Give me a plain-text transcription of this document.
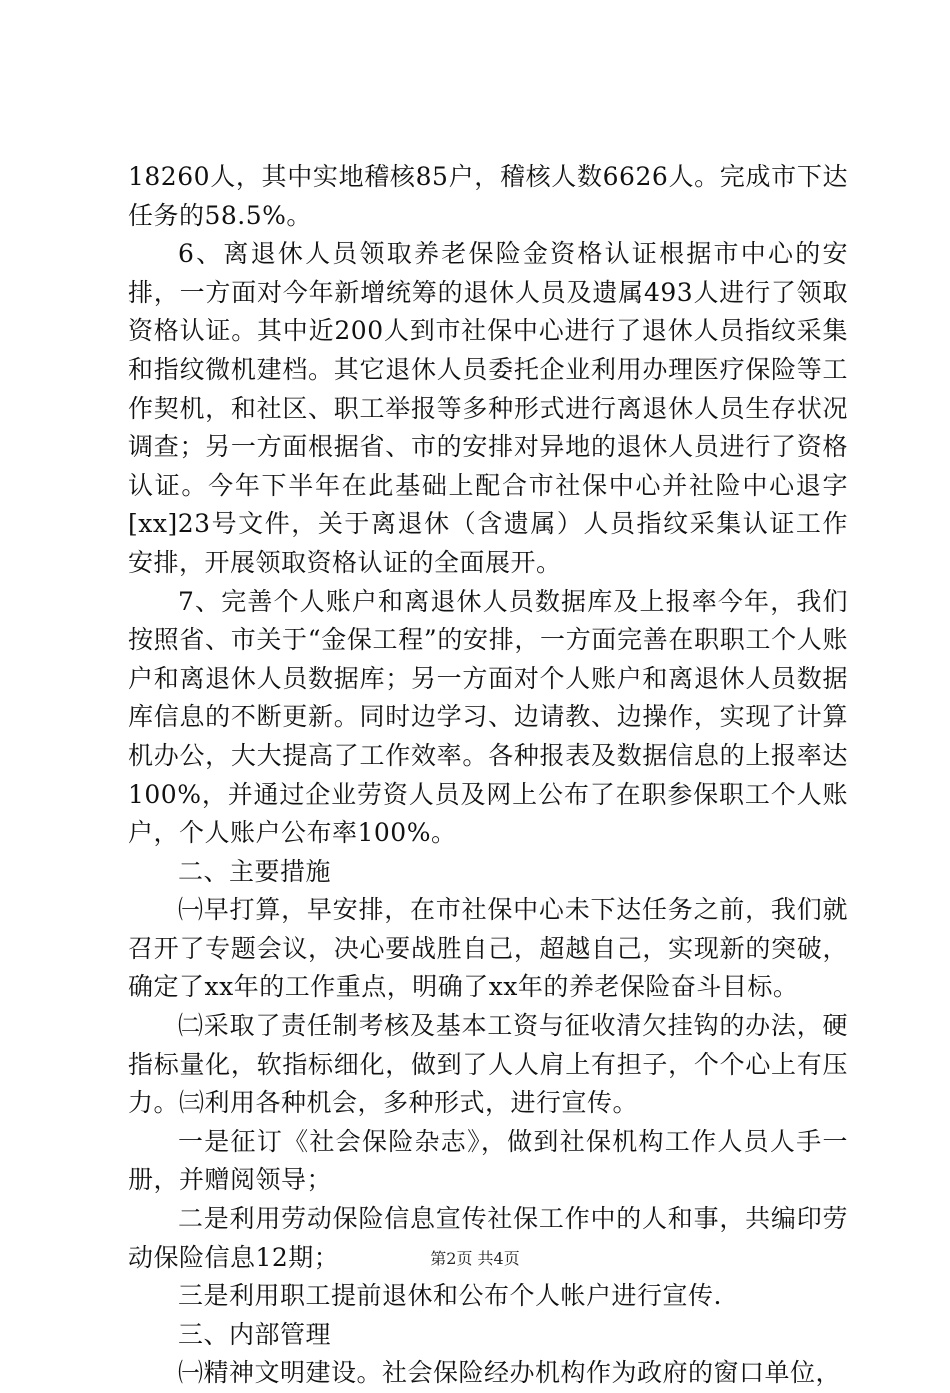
18260人，其中实地稽核85户，稽核人数6626人。完成市下达任务的58.5%。

6、离退休人员领取养老保险金资格认证根据市中心的安排，一方面对今年新增统筹的退休人员及遗属493人进行了领取资格认证。其中近200人到市社保中心进行了退休人员指纹采集和指纹微机建档。其它退休人员委托企业利用办理医疗保险等工作契机，和社区、职工举报等多种形式进行离退休人员生存状况调查；另一方面根据省、市的安排对异地的退休人员进行了资格认证。今年下半年在此基础上配合市社保中心并社险中心退字[xx]23号文件，关于离退休（含遗属）人员指纹采集认证工作安排，开展领取资格认证的全面展开。

7、完善个人账户和离退休人员数据库及上报率今年，我们按照省、市关于“金保工程”的安排，一方面完善在职职工个人账户和离退休人员数据库；另一方面对个人账户和离退休人员数据库信息的不断更新。同时边学习、边请教、边操作，实现了计算机办公，大大提高了工作效率。各种报表及数据信息的上报率达100%，并通过企业劳资人员及网上公布了在职参保职工个人账户，个人账户公布率100%。

二、主要措施

㈠早打算，早安排，在市社保中心未下达任务之前，我们就召开了专题会议，决心要战胜自己，超越自己，实现新的突破，确定了xx年的工作重点，明确了xx年的养老保险奋斗目标。

㈡采取了责任制考核及基本工资与征收清欠挂钩的办法，硬指标量化，软指标细化，做到了人人肩上有担子，个个心上有压力。㈢利用各种机会，多种形式，进行宣传。

一是征订《社会保险杂志》，做到社保机构工作人员人手一册，并赠阅领导；

二是利用劳动保险信息宣传社保工作中的人和事，共编印劳动保险信息12期；

三是利用职工提前退休和公布个人帐户进行宣传.

三、内部管理

㈠精神文明建设。社会保险经办机构作为政府的窗口单位，

第2页 共4页
